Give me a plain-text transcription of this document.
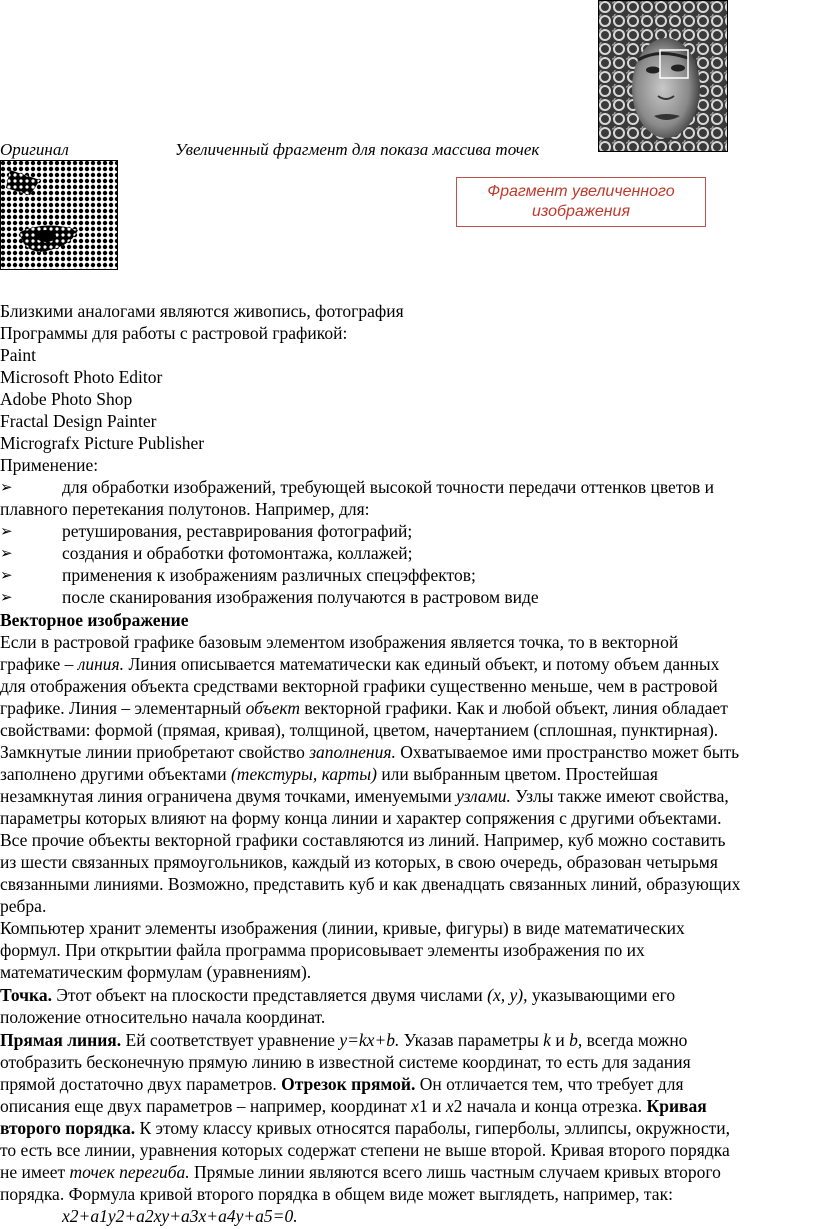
Оригинал	Увеличенный фрагмент для показа массива точек
Фрагмент увеличенного изображения
Близкими аналогами являются живопись, фотография
Программы для работы с растровой графикой:
Paint
Microsoft Photo Editor
Adobe Photo Shop
Fractal Design Painter
Micrografx Picture Publisher
Применение:
➢	для обработки изображений, требующей высокой точности передачи оттенков цветов и
плавного перетекания полутонов. Например, для:
➢	ретуширования, реставрирования фотографий;
➢	создания и обработки фотомонтажа, коллажей;
➢	применения к изображениям различных спецэффектов;
➢	после сканирования изображения получаются в растровом виде
Векторное изображение
Если в растровой графике базовым элементом изображения является точка, то в векторной
графике – линия. Линия описывается математически как единый объект, и потому объем данных
для отображения объекта средствами векторной графики существенно меньше, чем в растровой
графике. Линия – элементарный объект векторной графики. Как и любой объект, линия обладает
свойствами: формой (прямая, кривая), толщиной, цветом, начертанием (сплошная, пунктирная).
Замкнутые линии приобретают свойство заполнения. Охватываемое ими пространство может быть
заполнено другими объектами (текстуры, карты) или выбранным цветом. Простейшая
незамкнутая линия ограничена двумя точками, именуемыми узлами. Узлы также имеют свойства,
параметры которых влияют на форму конца линии и характер сопряжения с другими объектами.
Все прочие объекты векторной графики составляются из линий. Например, куб можно составить
из шести связанных прямоугольников, каждый из которых, в свою очередь, образован четырьмя
связанными линиями. Возможно, представить куб и как двенадцать связанных линий, образующих
ребра.
Компьютер хранит элементы изображения (линии, кривые, фигуры) в виде математических
формул. При открытии файла программа прорисовывает элементы изображения по их
математическим формулам (уравнениям).
Точка. Этот объект на плоскости представляется двумя числами (x, y), указывающими его
положение относительно начала координат.
Прямая линия. Ей соответствует уравнение y=kx+b. Указав параметры k и b, всегда можно
отобразить бесконечную прямую линию в известной системе координат, то есть для задания
прямой достаточно двух параметров. Отрезок прямой. Он отличается тем, что требует для
описания еще двух параметров – например, координат x1 и x2 начала и конца отрезка. Кривая
второго порядка. К этому классу кривых относятся параболы, гиперболы, эллипсы, окружности,
то есть все линии, уравнения которых содержат степени не выше второй. Кривая второго порядка
не имеет точек перегиба. Прямые линии являются всего лишь частным случаем кривых второго
порядка. Формула кривой второго порядка в общем виде может выглядеть, например, так:
x2+a1y2+a2xy+a3x+a4y+a5=0.
